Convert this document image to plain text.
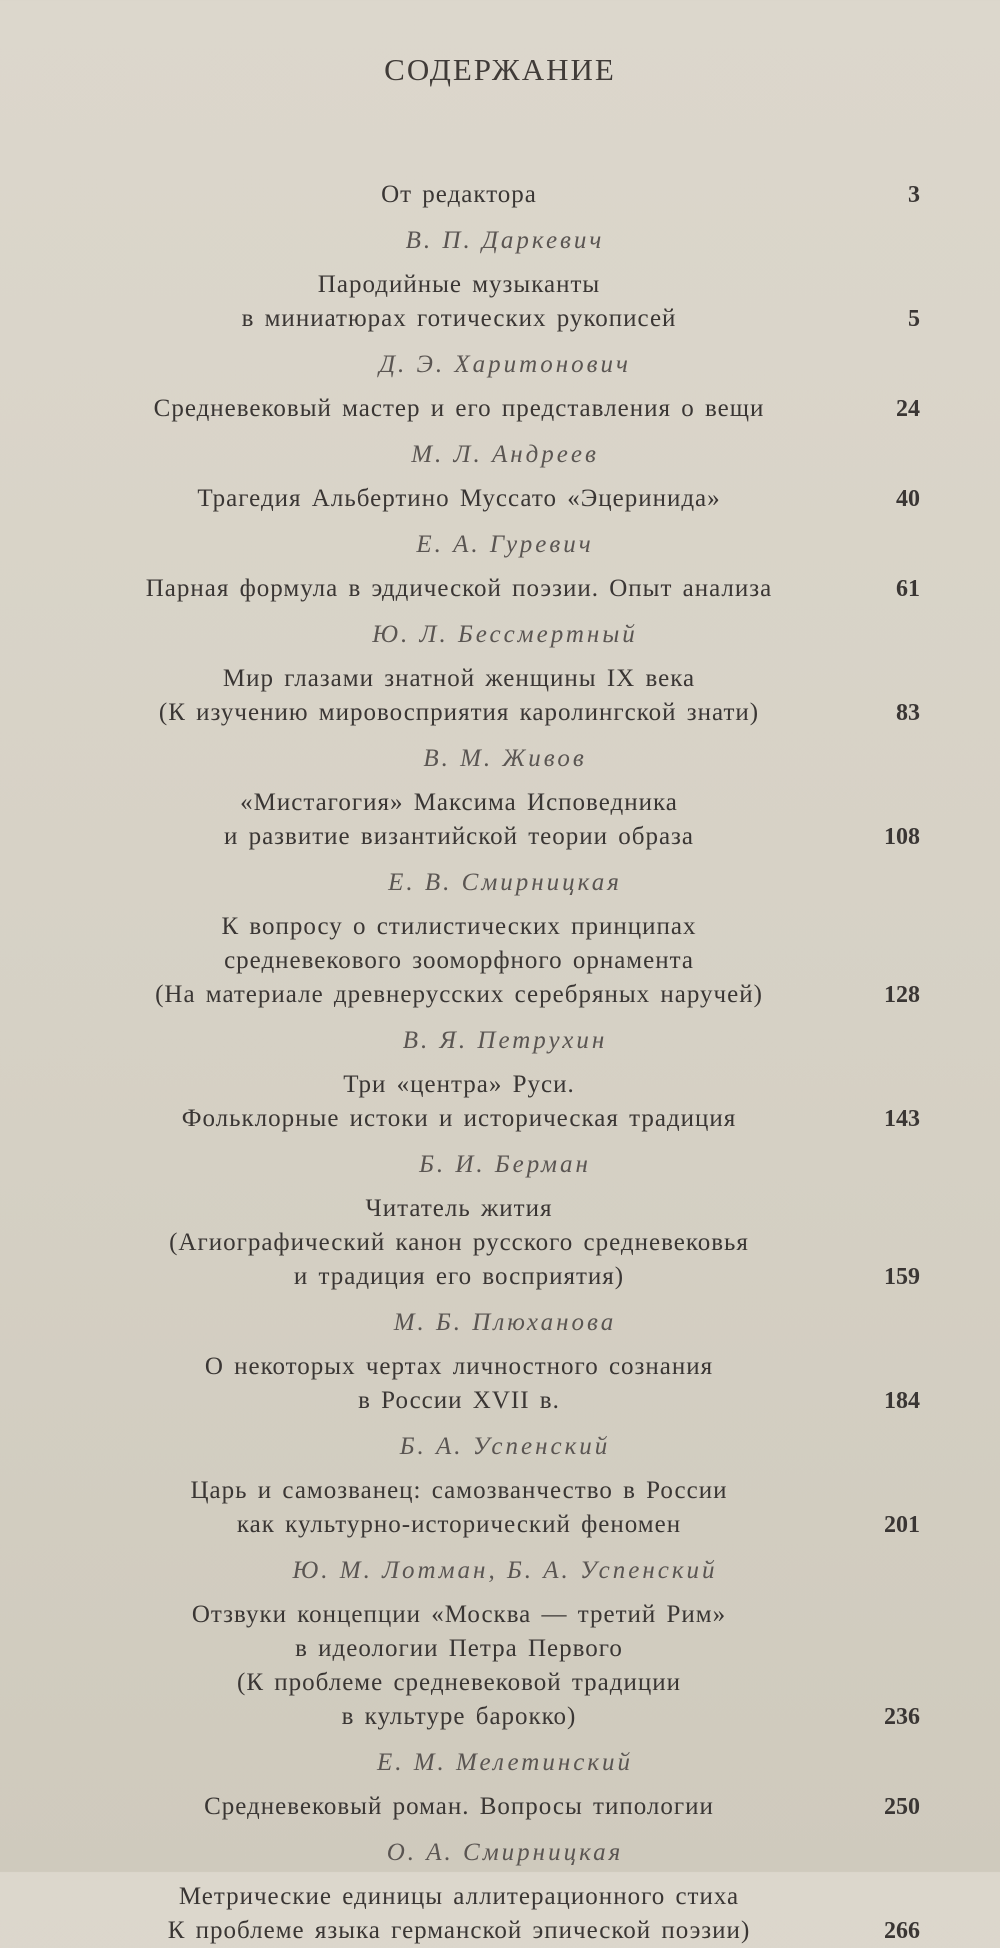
СОДЕРЖАНИЕ
От редактора	3
В. П. Даркевич
Пародийные музыканты
в миниатюрах готических рукописей	5
Д. Э. Харитонович
Средневековый мастер и его представления о вещи	24
М. Л. Андреев
Трагедия Альбертино Муссато «Эцеринида»	40
Е. А. Гуревич
Парная формула в эддической поэзии. Опыт анализа	61
Ю. Л. Бессмертный
Мир глазами знатной женщины IX века
(К изучению мировосприятия каролингской знати)	83
В. М. Живов
«Мистагогия» Максима Исповедника
и развитие византийской теории образа	108
Е. В. Смирницкая
К вопросу о стилистических принципах
средневекового зооморфного орнамента
(На материале древнерусских серебряных наручей)	128
В. Я. Петрухин
Три «центра» Руси.
Фольклорные истоки и историческая традиция	143
Б. И. Берман
Читатель жития
(Агиографический канон русского средневековья
и традиция его восприятия)	159
М. Б. Плюханова
О некоторых чертах личностного сознания
в России XVII в.	184
Б. А. Успенский
Царь и самозванец: самозванчество в России
как культурно-исторический феномен	201
Ю. М. Лотман, Б. А. Успенский
Отзвуки концепции «Москва — третий Рим»
в идеологии Петра Первого
(К проблеме средневековой традиции
в культуре барокко)	236
Е. М. Мелетинский
Средневековый роман. Вопросы типологии	250
О. А. Смирницкая
Метрические единицы аллитерационного стиха
К проблеме языка германской эпической поэзии)	266
